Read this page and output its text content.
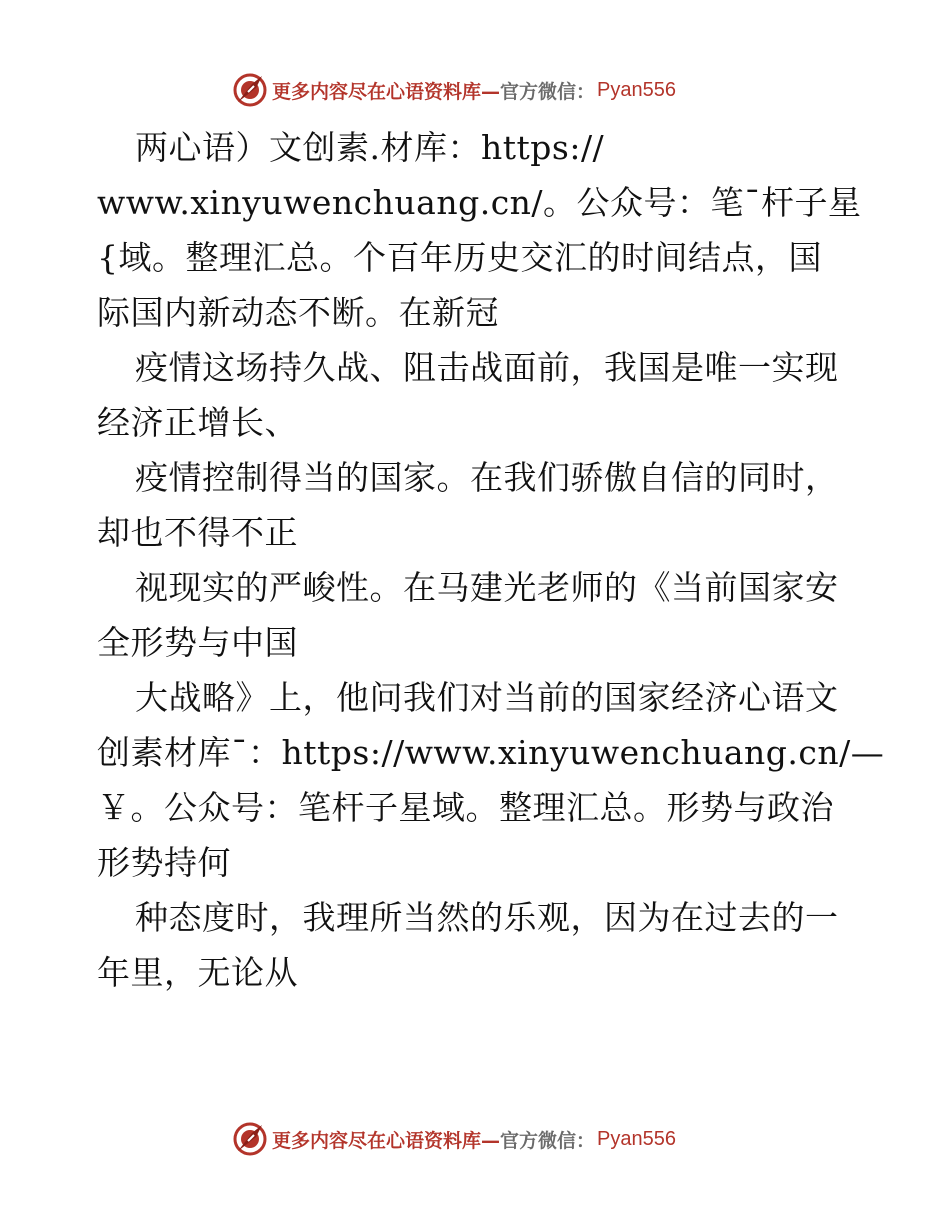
更多内容尽在心语资料库— 官方微信： Pyan556
两心语）文创素.材库：https://
www.xinyuwenchuang.cn/。公众号：笔¯杆子星
{域。整理汇总。个百年历史交汇的时间结点，国
际国内新动态不断。在新冠
疫情这场持久战、阻击战面前，我国是唯一实现
经济正增长、
疫情控制得当的国家。在我们骄傲自信的同时，
却也不得不正
视现实的严峻性。在马建光老师的《当前国家安
全形势与中国
大战略》上，他问我们对当前的国家经济心语文
创素材库¯：https://www.xinyuwenchuang.cn/—
￥。公众号：笔杆子星域。整理汇总。形势与政治
形势持何
种态度时，我理所当然的乐观，因为在过去的一
年里，无论从
更多内容尽在心语资料库— 官方微信： Pyan556
